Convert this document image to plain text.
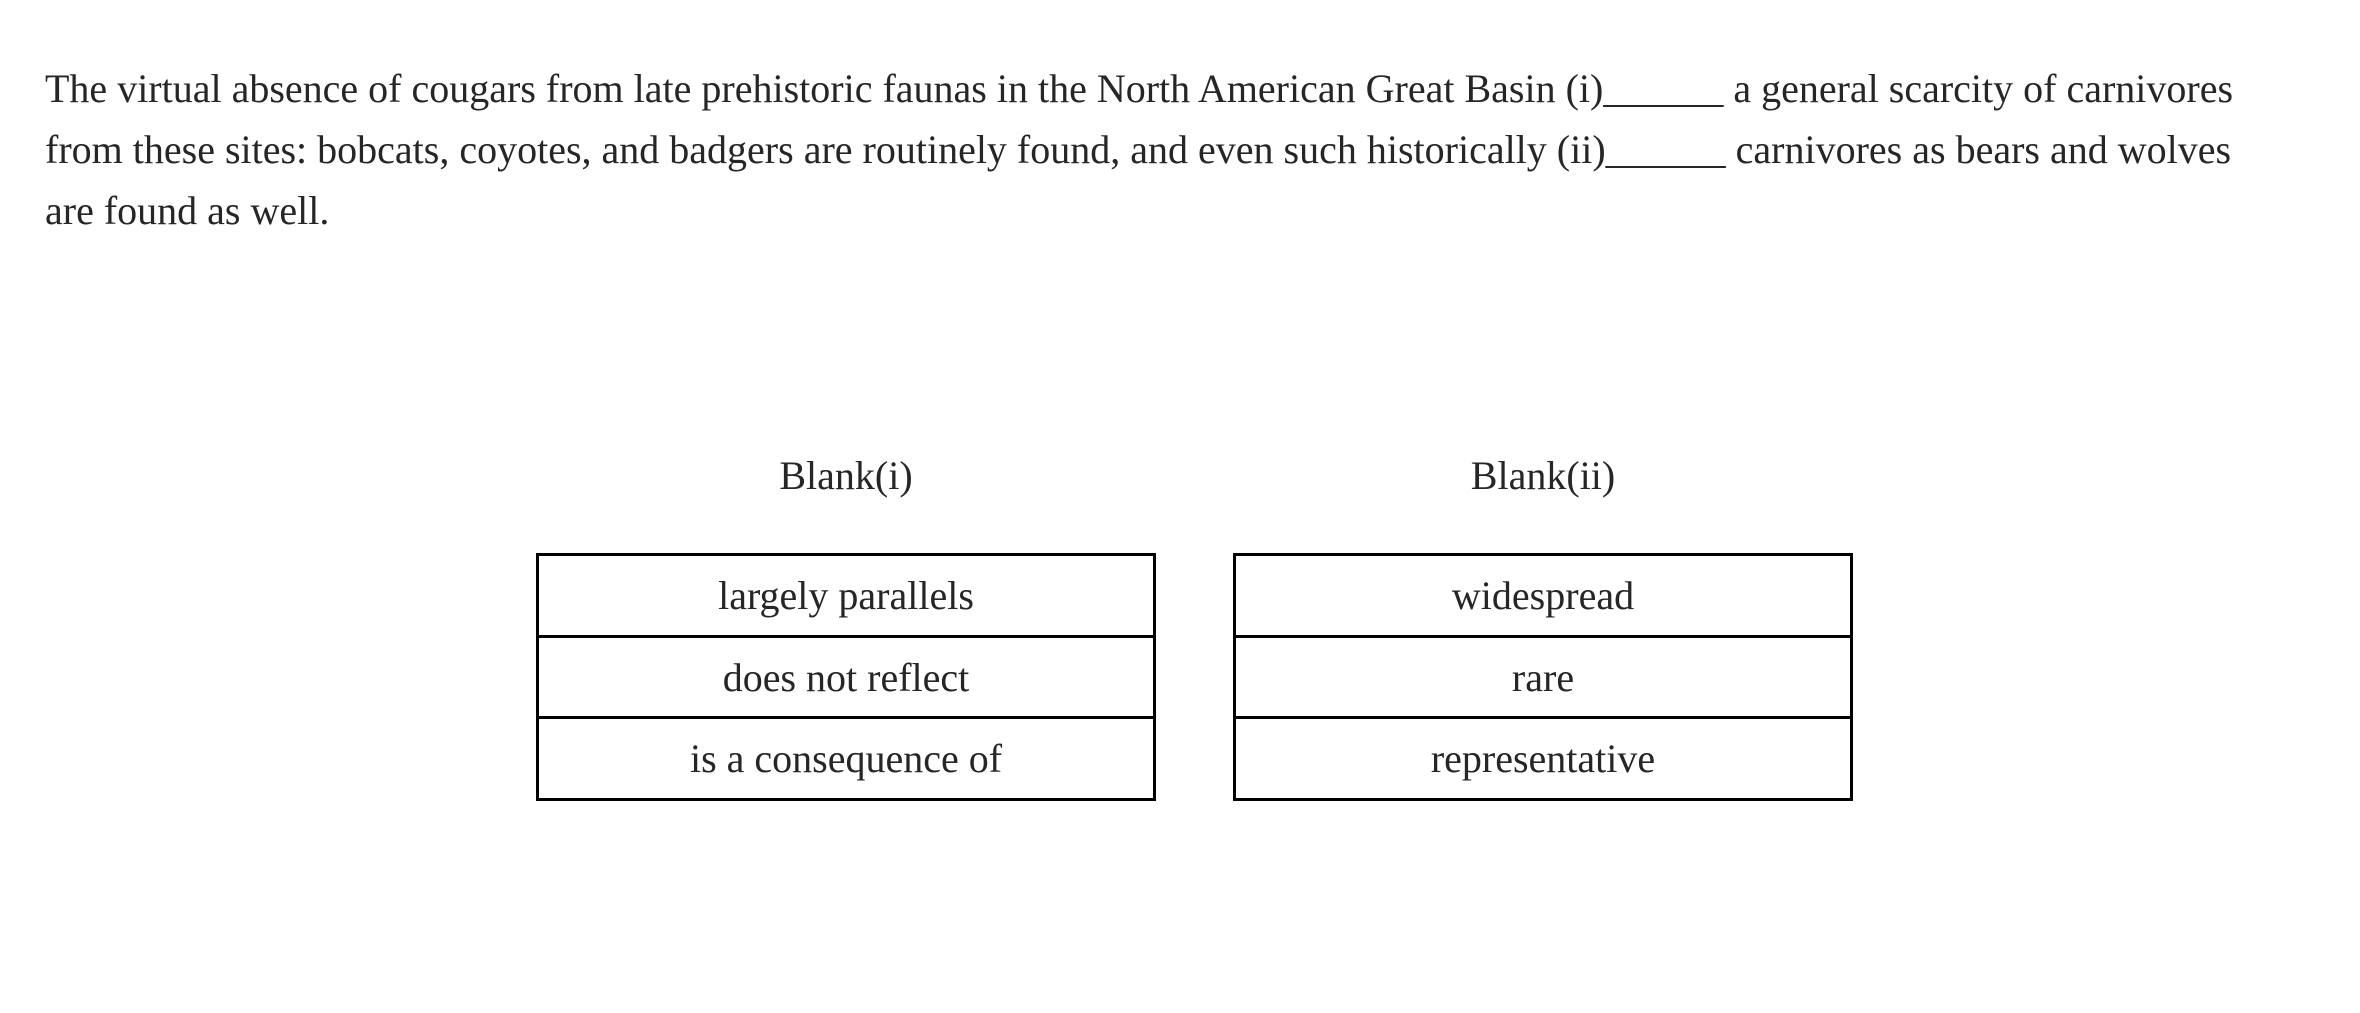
The virtual absence of cougars from late prehistoric faunas in the North American Great Basin (i)______ a general scarcity of carnivores
from these sites: bobcats, coyotes, and badgers are routinely found, and even such historically (ii)______ carnivores as bears and wolves
are found as well.
Blank(i)	Blank(ii)
largely parallels
does not reflect
is a consequence of
widespread
rare
representative
